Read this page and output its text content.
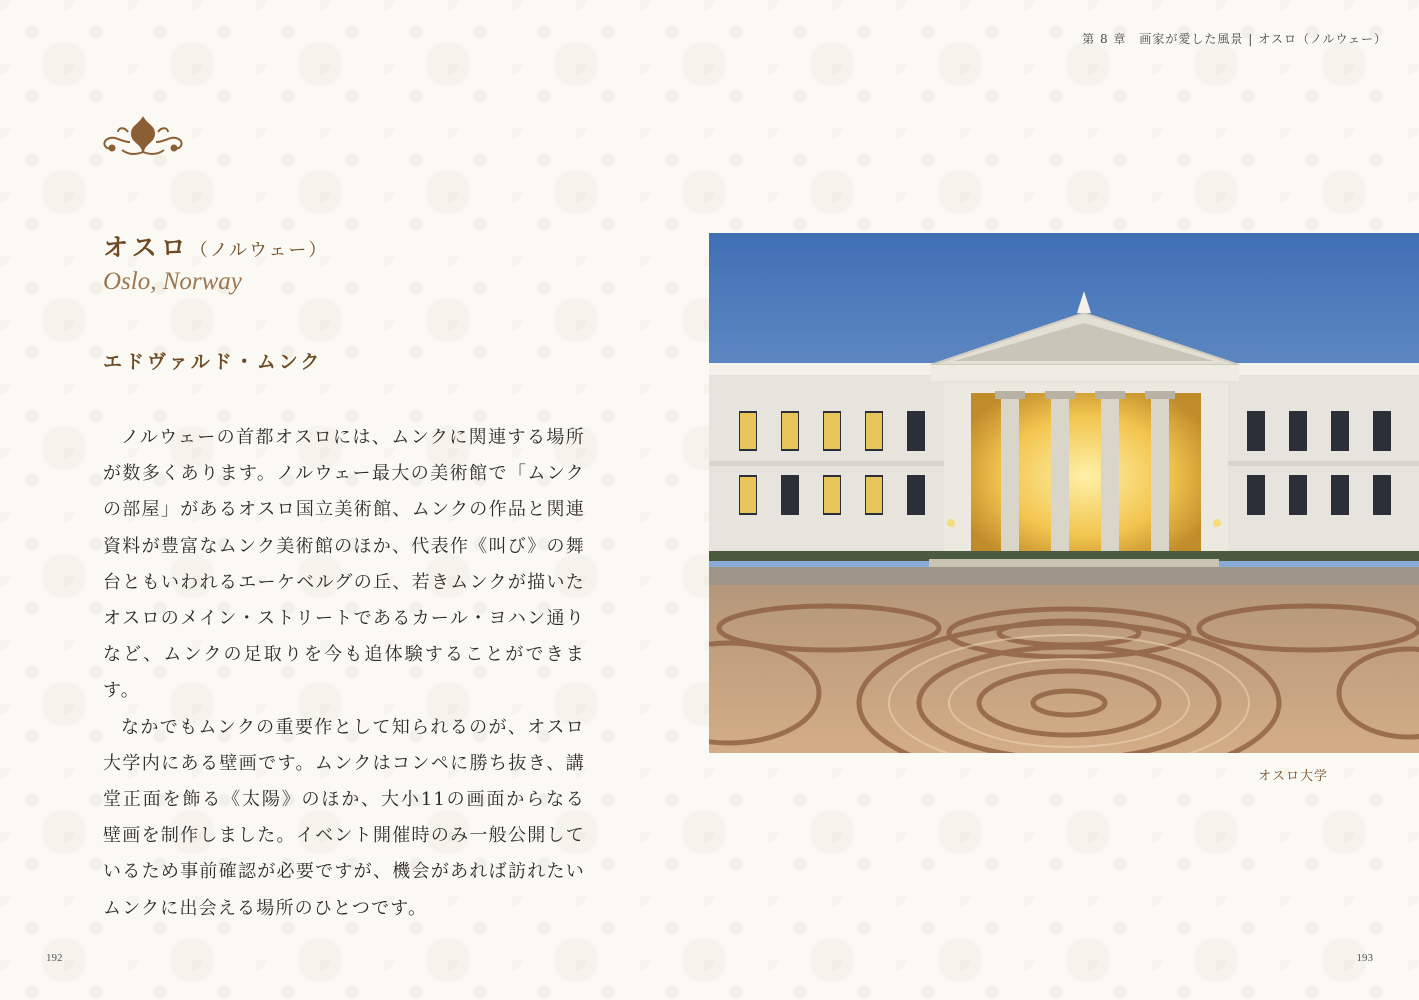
オスロ（ノルウェー）
Oslo, Norway
エドヴァルド・ムンク

ノルウェーの首都オスロには、ムンクに関連する場所が数多くあります。ノルウェー最大の美術館で「ムンクの部屋」があるオスロ国立美術館、ムンクの作品と関連資料が豊富なムンク美術館のほか、代表作《叫び》の舞台ともいわれるエーケベルグの丘、若きムンクが描いたオスロのメイン・ストリートであるカール・ヨハン通りなど、ムンクの足取りを今も追体験することができます。

なかでもムンクの重要作として知られるのが、オスロ大学内にある壁画です。ムンクはコンペに勝ち抜き、講堂正面を飾る《太陽》のほか、大小11の画面からなる壁画を制作しました。イベント開催時のみ一般公開しているため事前確認が必要ですが、機会があれば訪れたいムンクに出会える場所のひとつです。

192
第 8 章　画家が愛した風景 | オスロ（ノルウェー）
オスロ大学
193
